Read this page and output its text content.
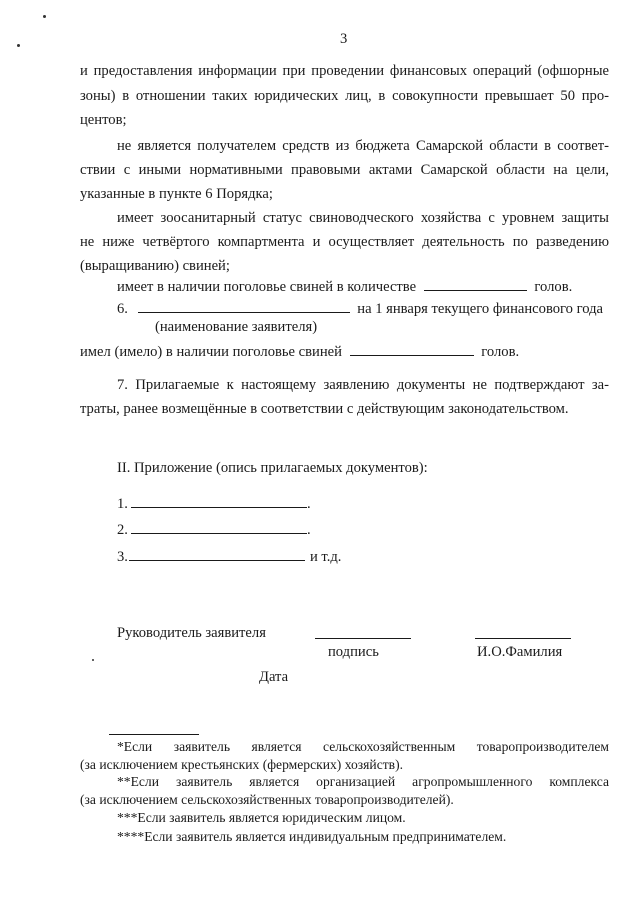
3
и предоставления информации при проведении финансовых операций (офшорные
зоны) в отношении таких юридических лиц, в совокупности превышает 50 про-
центов;
не является получателем средств из бюджета Самарской области в соответ-
ствии с иными нормативными правовыми актами Самарской области на цели,
указанные в пункте 6 Порядка;
имеет зоосанитарный статус свиноводческого хозяйства с уровнем защиты
не ниже четвёртого компартмента и осуществляет деятельность по разведению
(выращиванию) свиней;
имеет в наличии поголовье свиней в количестве	голов.
6.	на 1 января текущего финансового года
(наименование заявителя)
имел (имело) в наличии поголовье свиней	голов.
7. Прилагаемые к настоящему заявлению документы не подтверждают за-
траты, ранее возмещённые в соответствии с действующим законодательством.
II. Приложение (опись прилагаемых документов):
1.	.
2.	.
3.	и т.д.
Руководитель заявителя
подпись	И.О.Фамилия
Дата
*Если заявитель является сельскохозяйственным товаропроизводителем
(за исключением крестьянских (фермерских) хозяйств).
**Если заявитель является организацией агропромышленного комплекса
(за исключением сельскохозяйственных товаропроизводителей).
***Если заявитель является юридическим лицом.
****Если заявитель является индивидуальным предпринимателем.
